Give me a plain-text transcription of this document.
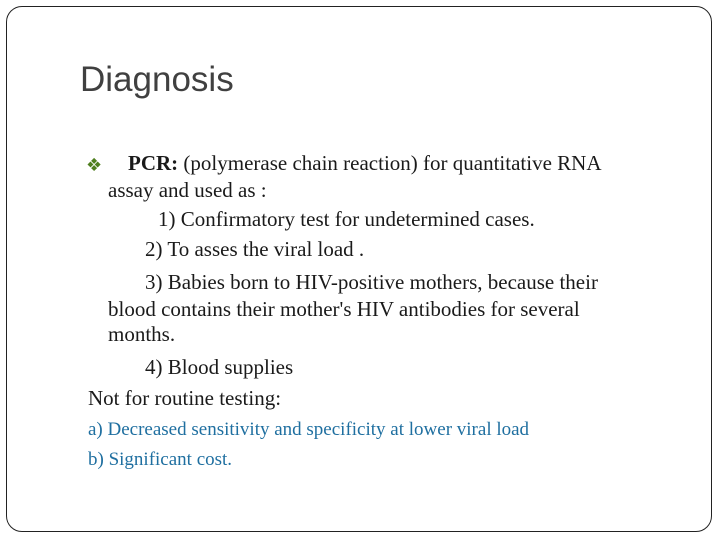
Diagnosis
❖ PCR: (polymerase chain reaction) for quantitative RNA
assay and used as :
1) Confirmatory test for undetermined cases.
2) To asses the viral load .
3) Babies born to HIV-positive mothers, because their
blood contains their mother's HIV antibodies for several
months.
4) Blood supplies
Not for routine testing:
a) Decreased sensitivity and specificity at lower viral load
b) Significant cost.
